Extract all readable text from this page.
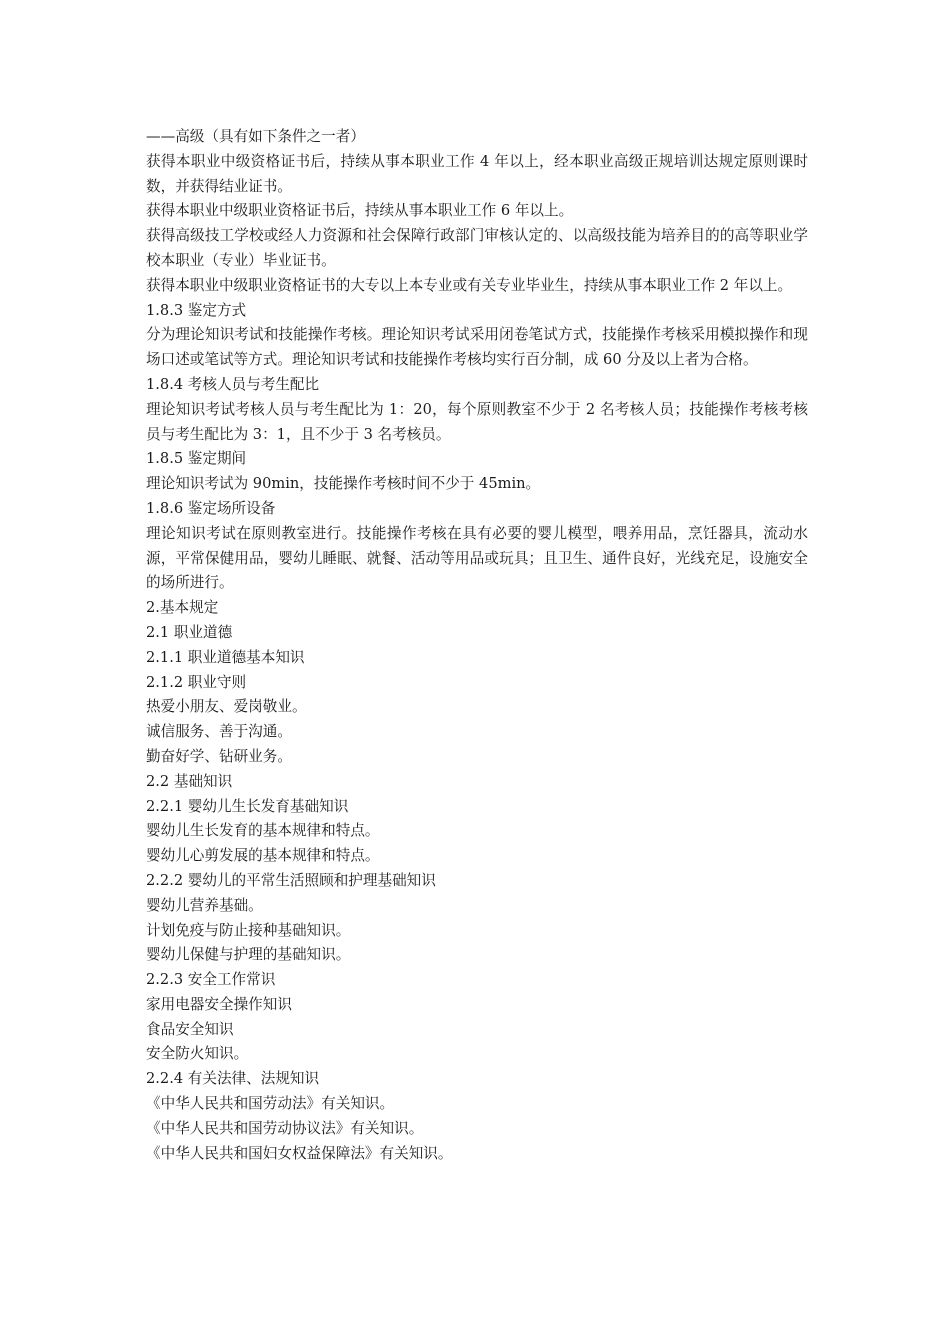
——高级（具有如下条件之一者）

获得本职业中级资格证书后，持续从事本职业工作 4 年以上，经本职业高级正规培训达规定原则课时数，并获得结业证书。

获得本职业中级职业资格证书后，持续从事本职业工作 6 年以上。

获得高级技工学校或经人力资源和社会保障行政部门审核认定的、以高级技能为培养目的的高等职业学校本职业（专业）毕业证书。

获得本职业中级职业资格证书的大专以上本专业或有关专业毕业生，持续从事本职业工作 2 年以上。

1.8.3 鉴定方式

分为理论知识考试和技能操作考核。理论知识考试采用闭卷笔试方式，技能操作考核采用模拟操作和现场口述或笔试等方式。理论知识考试和技能操作考核均实行百分制，成 60 分及以上者为合格。

1.8.4 考核人员与考生配比

理论知识考试考核人员与考生配比为 1：20，每个原则教室不少于 2 名考核人员；技能操作考核考核员与考生配比为 3：1，且不少于 3 名考核员。

1.8.5 鉴定期间

理论知识考试为 90min，技能操作考核时间不少于 45min。

1.8.6 鉴定场所设备

理论知识考试在原则教室进行。技能操作考核在具有必要的婴儿模型，喂养用品，烹饪器具，流动水源，平常保健用品，婴幼儿睡眠、就餐、活动等用品或玩具；且卫生、通件良好，光线充足，设施安全的场所进行。

2.基本规定

2.1 职业道德

2.1.1 职业道德基本知识

2.1.2 职业守则

热爱小朋友、爱岗敬业。

诚信服务、善于沟通。

勤奋好学、钻研业务。

2.2 基础知识

2.2.1 婴幼儿生长发育基础知识

婴幼儿生长发育的基本规律和特点。

婴幼儿心剪发展的基本规律和特点。

2.2.2 婴幼儿的平常生活照顾和护理基础知识

婴幼儿营养基础。

计划免疫与防止接种基础知识。

婴幼儿保健与护理的基础知识。

2.2.3 安全工作常识

家用电器安全操作知识

食品安全知识

安全防火知识。

2.2.4 有关法律、法规知识

《中华人民共和国劳动法》有关知识。

《中华人民共和国劳动协议法》有关知识。

《中华人民共和国妇女权益保障法》有关知识。
